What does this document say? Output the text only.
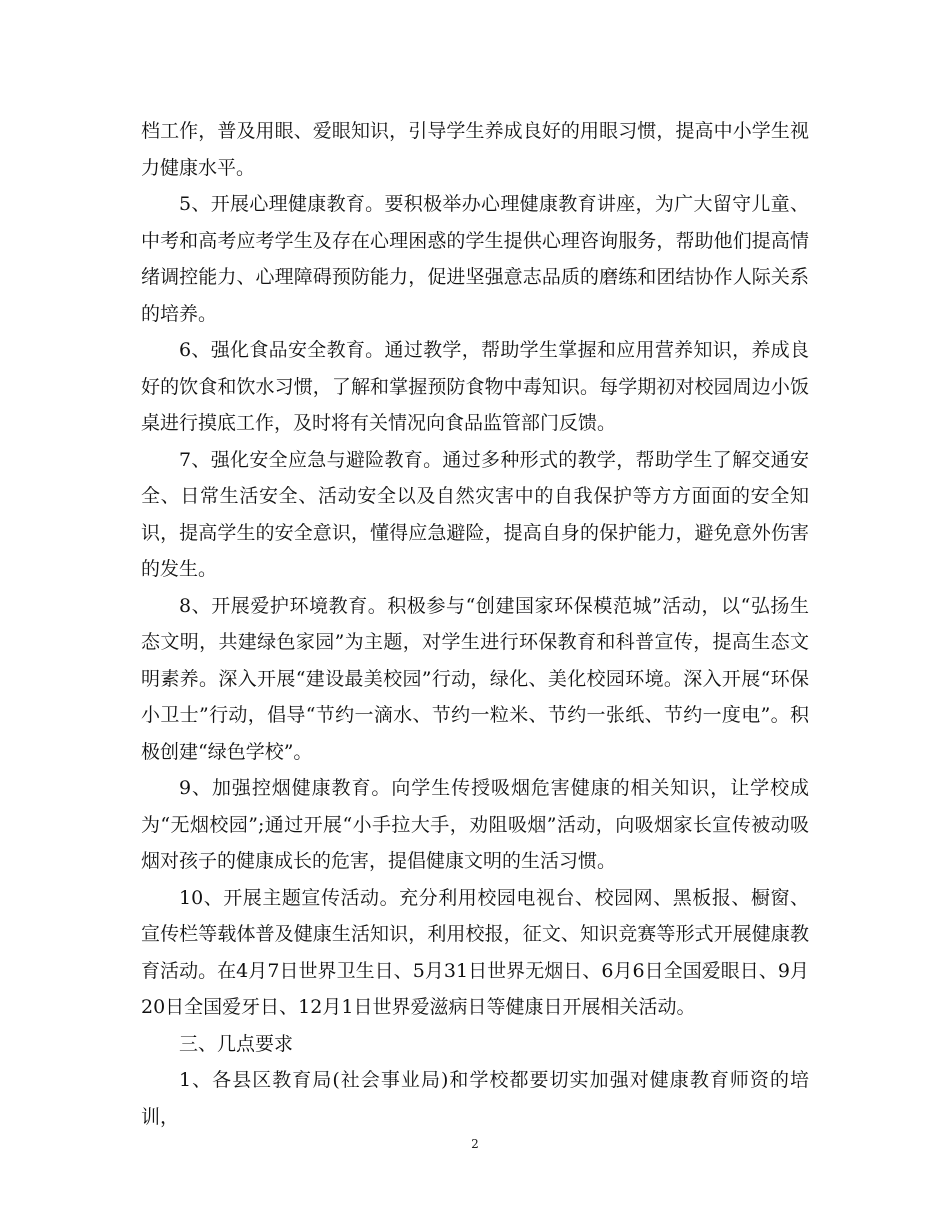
档工作，普及用眼、爱眼知识，引导学生养成良好的用眼习惯，提高中小学生视力健康水平。

5、开展心理健康教育。要积极举办心理健康教育讲座，为广大留守儿童、中考和高考应考学生及存在心理困惑的学生提供心理咨询服务，帮助他们提高情绪调控能力、心理障碍预防能力，促进坚强意志品质的磨练和团结协作人际关系的培养。

6、强化食品安全教育。通过教学，帮助学生掌握和应用营养知识，养成良好的饮食和饮水习惯，了解和掌握预防食物中毒知识。每学期初对校园周边小饭桌进行摸底工作，及时将有关情况向食品监管部门反馈。

7、强化安全应急与避险教育。通过多种形式的教学，帮助学生了解交通安全、日常生活安全、活动安全以及自然灾害中的自我保护等方方面面的安全知识，提高学生的安全意识，懂得应急避险，提高自身的保护能力，避免意外伤害的发生。

8、开展爱护环境教育。积极参与“创建国家环保模范城”活动，以“弘扬生态文明，共建绿色家园”为主题，对学生进行环保教育和科普宣传，提高生态文明素养。深入开展“建设最美校园”行动，绿化、美化校园环境。深入开展“环保小卫士”行动，倡导“节约一滴水、节约一粒米、节约一张纸、节约一度电”。积极创建“绿色学校”。

9、加强控烟健康教育。向学生传授吸烟危害健康的相关知识，让学校成为“无烟校园”;通过开展“小手拉大手，劝阻吸烟”活动，向吸烟家长宣传被动吸烟对孩子的健康成长的危害，提倡健康文明的生活习惯。

10、开展主题宣传活动。充分利用校园电视台、校园网、黑板报、橱窗、宣传栏等载体普及健康生活知识，利用校报，征文、知识竞赛等形式开展健康教育活动。在4月7日世界卫生日、5月31日世界无烟日、6月6日全国爱眼日、9月20日全国爱牙日、12月1日世界爱滋病日等健康日开展相关活动。

三、几点要求

1、各县区教育局(社会事业局)和学校都要切实加强对健康教育师资的培训，

2
